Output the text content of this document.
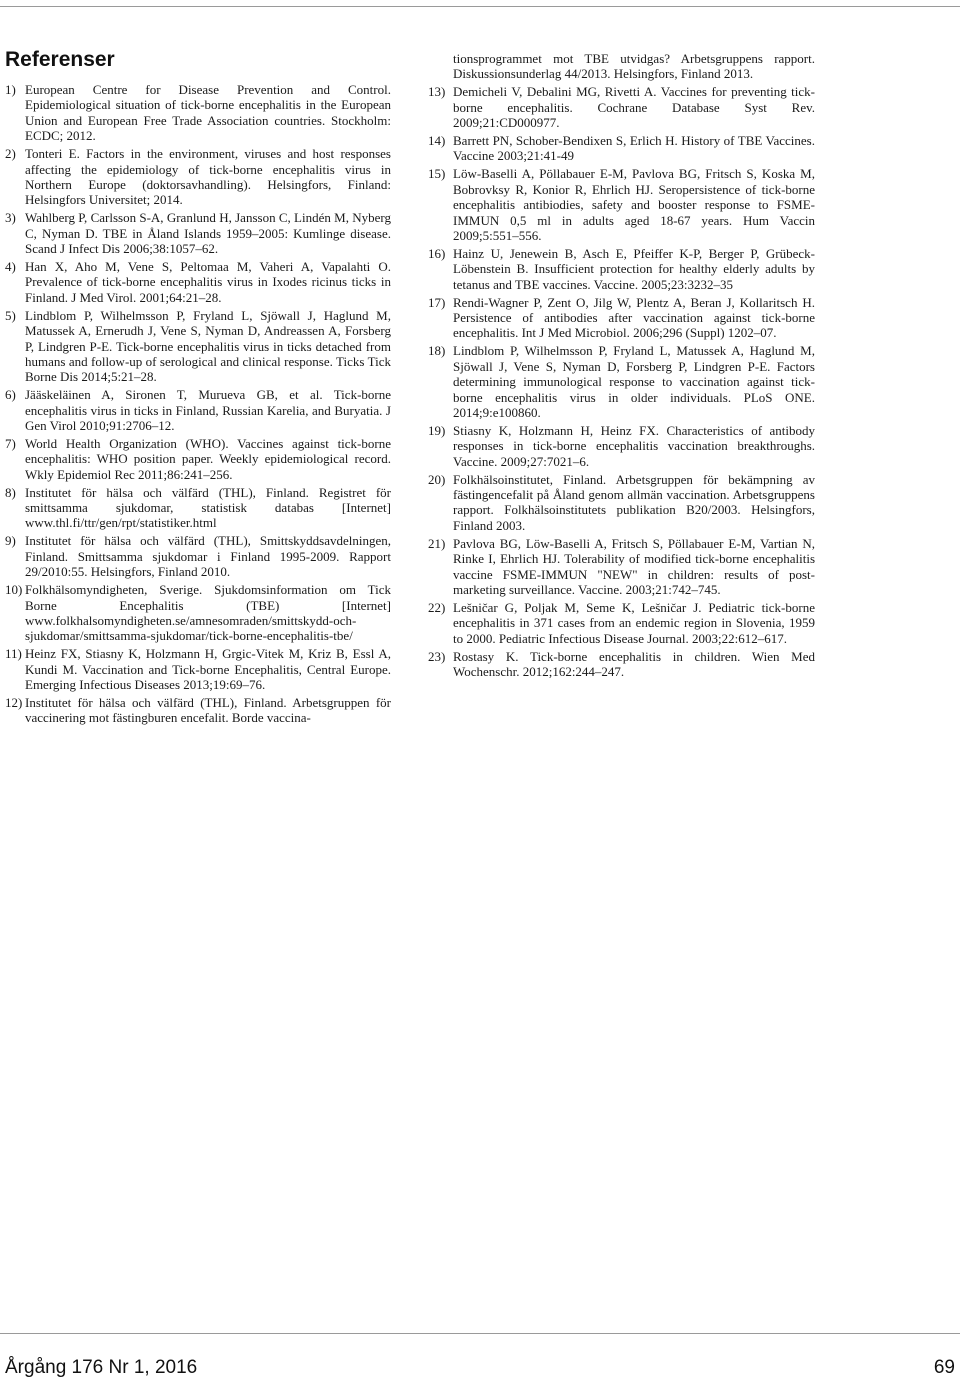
Referenser
1) European Centre for Disease Prevention and Control. Epidemiological situation of tick-borne encephalitis in the European Union and European Free Trade Association countries. Stockholm: ECDC; 2012.
2) Tonteri E. Factors in the environment, viruses and host responses affecting the epidemiology of tick-borne encephalitis virus in Northern Europe (doktorsavhandling). Helsingfors, Finland: Helsingfors Universitet; 2014.
3) Wahlberg P, Carlsson S-A, Granlund H, Jansson C, Lindén M, Nyberg C, Nyman D. TBE in Åland Islands 1959–2005: Kumlinge disease. Scand J Infect Dis 2006;38:1057–62.
4) Han X, Aho M, Vene S, Peltomaa M, Vaheri A, Vapalahti O. Prevalence of tick-borne encephalitis virus in Ixodes ricinus ticks in Finland. J Med Virol. 2001;64:21–28.
5) Lindblom P, Wilhelmsson P, Fryland L, Sjöwall J, Haglund M, Matussek A, Ernerudh J, Vene S, Nyman D, Andreassen A, Forsberg P, Lindgren P-E. Tick-borne encephalitis virus in ticks detached from humans and follow-up of serological and clinical response. Ticks Tick Borne Dis 2014;5:21–28.
6) Jääskeläinen A, Sironen T, Murueva GB, et al. Tick-borne encephalitis virus in ticks in Finland, Russian Karelia, and Buryatia. J Gen Virol 2010;91:2706–12.
7) World Health Organization (WHO). Vaccines against tick-borne encephalitis: WHO position paper. Weekly epidemiological record. Wkly Epidemiol Rec 2011;86:241–256.
8) Institutet för hälsa och välfärd (THL), Finland. Registret för smittsamma sjukdomar, statistisk databas [Internet] www.thl.fi/ttr/gen/rpt/statistiker.html
9) Institutet för hälsa och välfärd (THL), Smittskyddsavdelningen, Finland. Smittsamma sjukdomar i Finland 1995-2009. Rapport 29/2010:55. Helsingfors, Finland 2010.
10) Folkhälsomyndigheten, Sverige. Sjukdomsinformation om Tick Borne Encephalitis (TBE) [Internet] www.folkhalsomyndigheten.se/amnesomraden/smittskydd-och-sjukdomar/smittsamma-sjukdomar/tick-borne-encephalitis-tbe/
11) Heinz FX, Stiasny K, Holzmann H, Grgic-Vitek M, Kriz B, Essl A, Kundi M. Vaccination and Tick-borne Encephalitis, Central Europe. Emerging Infectious Diseases 2013;19:69–76.
12) Institutet för hälsa och välfärd (THL), Finland. Arbetsgruppen för vaccinering mot fästingburen encefalit. Borde vaccina-
tionsprogrammet mot TBE utvidgas? Arbetsgruppens rapport. Diskussionsunderlag 44/2013. Helsingfors, Finland 2013.
13) Demicheli V, Debalini MG, Rivetti A. Vaccines for preventing tick-borne encephalitis. Cochrane Database Syst Rev. 2009;21:CD000977.
14) Barrett PN, Schober-Bendixen S, Erlich H. History of TBE Vaccines. Vaccine 2003;21:41-49
15) Löw-Baselli A, Pöllabauer E-M, Pavlova BG, Fritsch S, Koska M, Bobrovksy R, Konior R, Ehrlich HJ. Seropersistence of tick-borne encephalitis antibiodies, safety and booster response to FSME-IMMUN 0,5 ml in adults aged 18-67 years. Hum Vaccin 2009;5:551–556.
16) Hainz U, Jenewein B, Asch E, Pfeiffer K-P, Berger P, Grübeck-Löbenstein B. Insufficient protection for healthy elderly adults by tetanus and TBE vaccines. Vaccine. 2005;23:3232–35
17) Rendi-Wagner P, Zent O, Jilg W, Plentz A, Beran J, Kollaritsch H. Persistence of antibodies after vaccination against tick-borne encephalitis. Int J Med Microbiol. 2006;296 (Suppl) 1202–07.
18) Lindblom P, Wilhelmsson P, Fryland L, Matussek A, Haglund M, Sjöwall J, Vene S, Nyman D, Forsberg P, Lindgren P-E. Factors determining immunological response to vaccination against tick-borne encephalitis virus in older individuals. PLoS ONE. 2014;9:e100860.
19) Stiasny K, Holzmann H, Heinz FX. Characteristics of antibody responses in tick-borne encephalitis vaccination breakthroughs. Vaccine. 2009;27:7021–6.
20) Folkhälsoinstitutet, Finland. Arbetsgruppen för bekämpning av fästingencefalit på Åland genom allmän vaccination. Arbetsgruppens rapport. Folkhälsoinstitutets publikation B20/2003. Helsingfors, Finland 2003.
21) Pavlova BG, Löw-Baselli A, Fritsch S, Pöllabauer E-M, Vartian N, Rinke I, Ehrlich HJ. Tolerability of modified tick-borne encephalitis vaccine FSME-IMMUN "NEW" in children: results of post- marketing surveillance. Vaccine. 2003;21:742–745.
22) Lešničar G, Poljak M, Seme K, Lešničar J. Pediatric tick-borne encephalitis in 371 cases from an endemic region in Slovenia, 1959 to 2000. Pediatric Infectious Disease Journal. 2003;22:612–617.
23) Rostasy K. Tick-borne encephalitis in children. Wien Med Wochenschr. 2012;162:244–247.
Årgång 176 Nr 1, 2016	69
